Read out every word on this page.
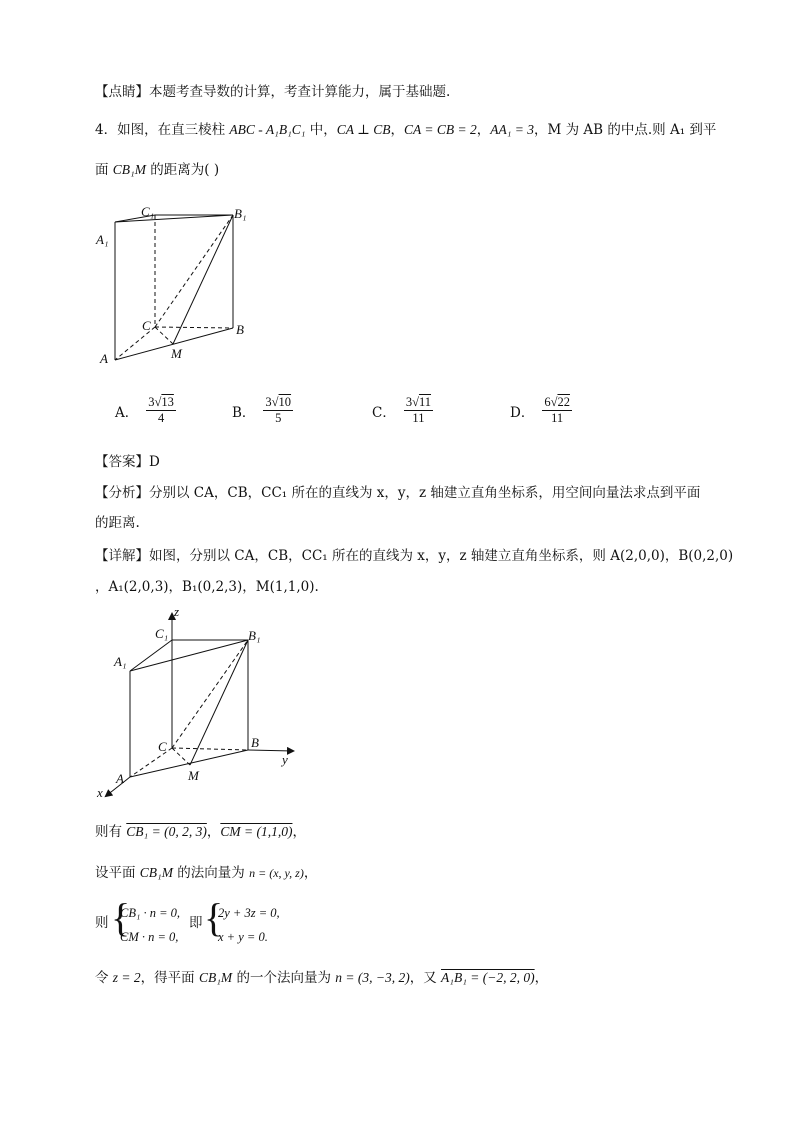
【点睛】本题考查导数的计算，考查计算能力，属于基础题.
4．如图，在直三棱柱 ABC - A₁B₁C₁ 中，CA ⊥ CB，CA = CB = 2，AA₁ = 3，M 为 AB 的中点.则 A₁ 到平
面 CB₁M 的距离为( )
C₁	B₁
A₁
C	B
A	M
A． $\frac{3√13}{4}$	B． $\frac{3√10}{5}$	C． $\frac{3√11}{11}$	D． $\frac{6√22}{11}$
【答案】D
【分析】分别以 CA，CB，CC₁ 所在的直线为 x，y，z 轴建立直角坐标系，用空间向量法求点到平面
的距离.
【详解】如图，分别以 CA，CB，CC₁ 所在的直线为 x，y，z 轴建立直角坐标系，则 A(2,0,0)，B(0,2,0)
，A₁(2,0,3)，B₁(0,2,3)，M(1,1,0).
z
C₁	B₁
A₁
C	B
y
A	M
x
则有 CB₁ = (0, 2, 3)，CM = (1,1,0)，
设平面 CB₁M 的法向量为 n = (x, y, z)，
则 {
CB₁ · n = 0,
CM · n = 0,
即 {
2y + 3z = 0,
x + y = 0.
令 z = 2，得平面 CB₁M 的一个法向量为 n = (3, −3, 2)，又 A₁B₁ = (−2, 2, 0)，
